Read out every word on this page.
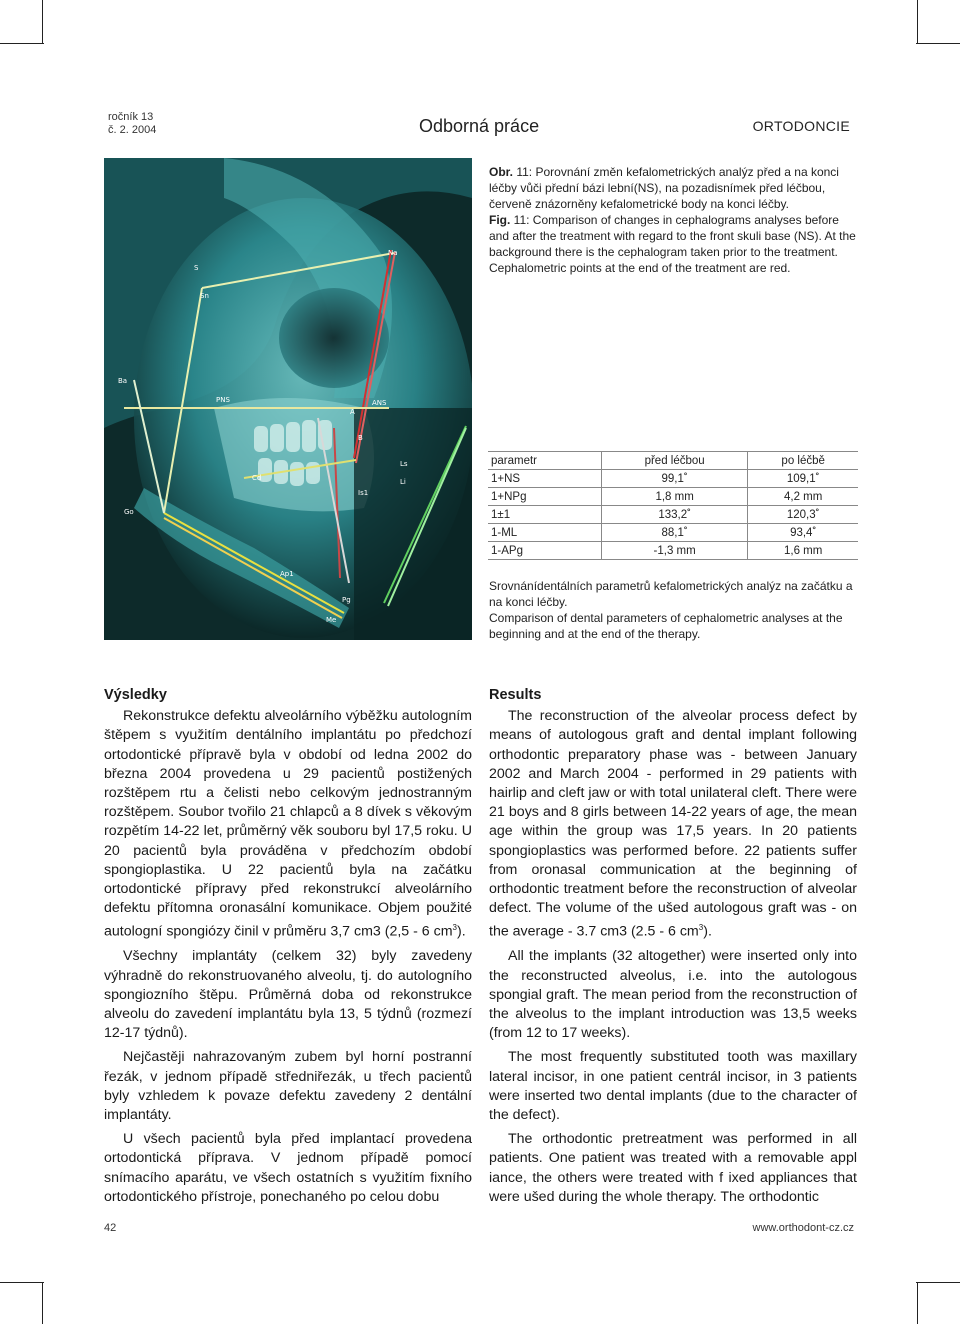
ročník 13
č. 2. 2004	Odborná práce	ORTODONCIE
S
Na
Ba
PNS	ANS
Cd
Go
Ap1
Is1
Ls
Li
Pg
Me
A
B
Sn

Obr. 11: Porovnání změn kefalometrických analýz před a na konci léčby vůči přední bázi lební(NS), na pozadisnímek před léčbou, červeně znázorněny kefalometrické body na konci léčby.

Fig. 11: Comparison of changes in cephalograms analyses before and after the treatment with regard to the front skuli base (NS). At the background there is the cephalogram taken prior to the treatment. Cephalometric points at the end of the treatment are red.

parametr	před léčbou	po léčbě
1+NS	99,1˚	109,1˚
1+NPg	1,8 mm	4,2 mm
1±1	133,2˚	120,3˚
1-ML	88,1˚	93,4˚
1-APg	-1,3 mm	1,6 mm

Srovnánídentálních parametrů kefalometrických analýz na začátku a na konci léčby.

Comparison of dental parameters of cephalometric analyses at the beginning and at the end of the therapy.

Výsledky

Rekonstrukce defektu alveolárního výběžku autologním štěpem s využitím dentálního implantátu po předchozí ortodontické přípravě byla v období od ledna 2002 do března 2004 provedena u 29 pacientů postižených rozštěpem rtu a čelisti nebo celkovým jednostranným rozštěpem. Soubor tvořilo 21 chlapců a 8 dívek s věkovým rozpětím 14-22 let, průměrný věk souboru byl 17,5 roku. U 20 pacientů byla prováděna v předchozím období spongioplastika. U 22 pacientů byla na začátku ortodontické přípravy před rekonstrukcí alveolárního defektu přítomna oronasální komunikace. Objem použité autologní spongiózy činil v průměru 3,7 cm3 (2,5 - 6 $cm^3$).

Všechny implantáty (celkem 32) byly zavedeny výhradně do rekonstruovaného alveolu, tj. do autologního spongiozního štěpu. Průměrná doba od rekonstrukce alveolu do zavedení implantátu byla 13, 5 týdnů (rozmezí 12-17 týdnů).

Nejčastěji nahrazovaným zubem byl horní postranní řezák, v jednom případě středniřezák, u třech pacientů byly vzhledem k povaze defektu zavedeny 2 dentální implantáty.

U všech pacientů byla před implantací provedena ortodontická příprava. V jednom případě pomocí snímacího aparátu, ve všech ostatních s využitím fixního ortodontického přístroje, ponechaného po celou dobu

Results

The reconstruction of the alveolar process defect by means of autologous graft and dental implant following orthodontic preparatory phase was - between January 2002 and March 2004 - performed in 29 patients with hairlip and cleft jaw or with total unilateral cleft. There were 21 boys and 8 girls between 14-22 years of age, the mean age within the group was 17,5 years. In 20 patients spongioplastics was performed before. 22 patients suffer from oronasal communication at the beginning of orthodontic treatment before the reconstruction of alveolar defect. The volume of the ušed autologous graft was - on the average - 3.7 cm3 (2.5 - 6 $cm^3$).

All the implants (32 altogether) were inserted only into the reconstructed alveolus, i.e. into the autologous spongial graft. The mean period from the reconstruction of the alveolus to the implant introduction was 13,5 weeks (from 12 to 17 weeks).

The most frequently substituted tooth was maxillary lateral incisor, in one patient centrál incisor, in 3 patients were inserted two dental implants (due to the character of the defect).

The orthodontic pretreatment was performed in all patients. One patient was treated with a removable appl iance, the others were treated with f ixed appliances that were ušed during the whole therapy. The orthodontic

42	www.orthodont-cz.cz
